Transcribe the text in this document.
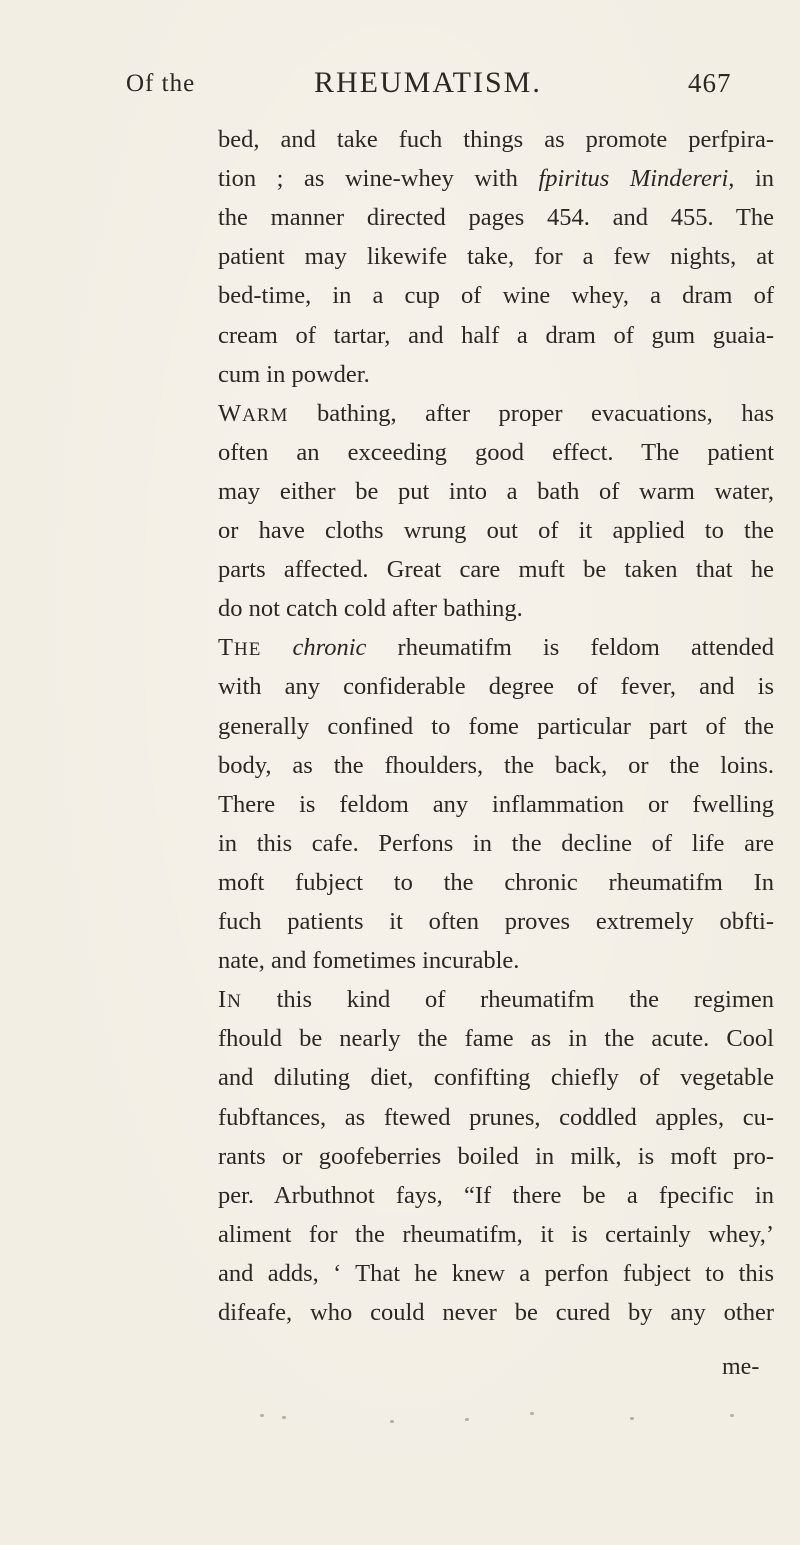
Of the	RHEUMATISM.	467
bed, and take fuch things as promote perfpira-
tion ; as wine-whey with fpiritus Mindereri, in
the manner directed pages 454. and 455. The
patient may likewife take, for a few nights, at
bed-time, in a cup of wine whey, a dram of
cream of tartar, and half a dram of gum guaia-
cum in powder.
WARM bathing, after proper evacuations, has
often an exceeding good effect. The patient
may either be put into a bath of warm water,
or have cloths wrung out of it applied to the
parts affected. Great care muft be taken that he
do not catch cold after bathing.
THE chronic rheumatifm is feldom attended
with any confiderable degree of fever, and is
generally confined to fome particular part of the
body, as the fhoulders, the back, or the loins.
There is feldom any inflammation or fwelling
in this cafe. Perfons in the decline of life are
moft fubject to the chronic rheumatifm In
fuch patients it often proves extremely obfti-
nate, and fometimes incurable.
IN this kind of rheumatifm the regimen
fhould be nearly the fame as in the acute. Cool
and diluting diet, confifting chiefly of vegetable
fubftances, as ftewed prunes, coddled apples, cu-
rants or goofeberries boiled in milk, is moft pro-
per. Arbuthnot fays, “If there be a fpecific in
aliment for the rheumatifm, it is certainly whey,’
and adds, ‘ That he knew a perfon fubject to this
difeafe, who could never be cured by any other
me-
